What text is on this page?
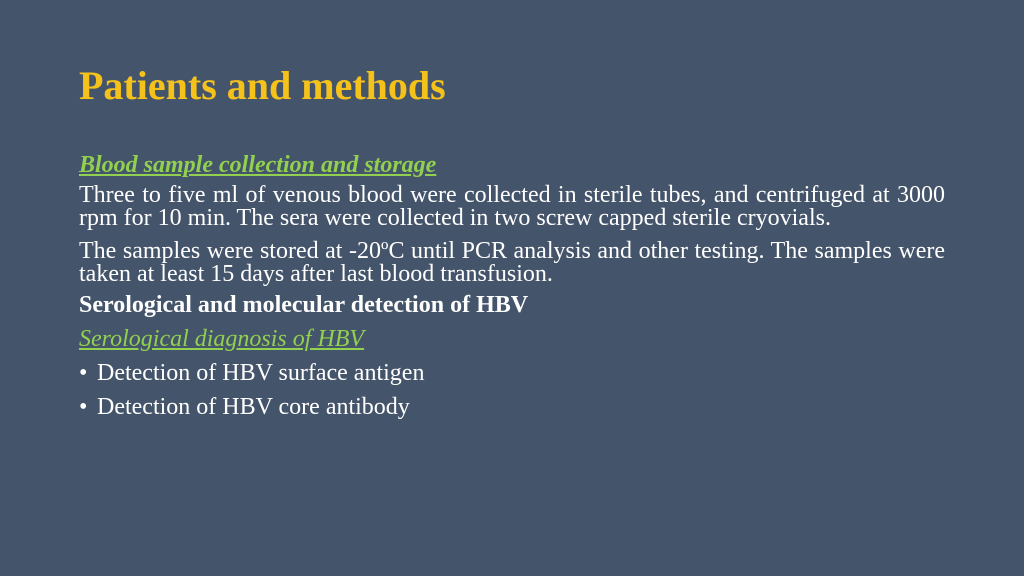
Patients and methods

Blood sample collection and storage

Three to five ml of venous blood were collected in sterile tubes, and centrifuged at 3000 rpm for 10 min. The sera were collected in two screw capped sterile cryovials.

The samples were stored at -20ºC until PCR analysis and other testing. The samples were taken at least 15 days after last blood transfusion.

Serological and molecular detection of HBV

Serological diagnosis of HBV

• Detection of HBV surface antigen
• Detection of HBV core antibody
